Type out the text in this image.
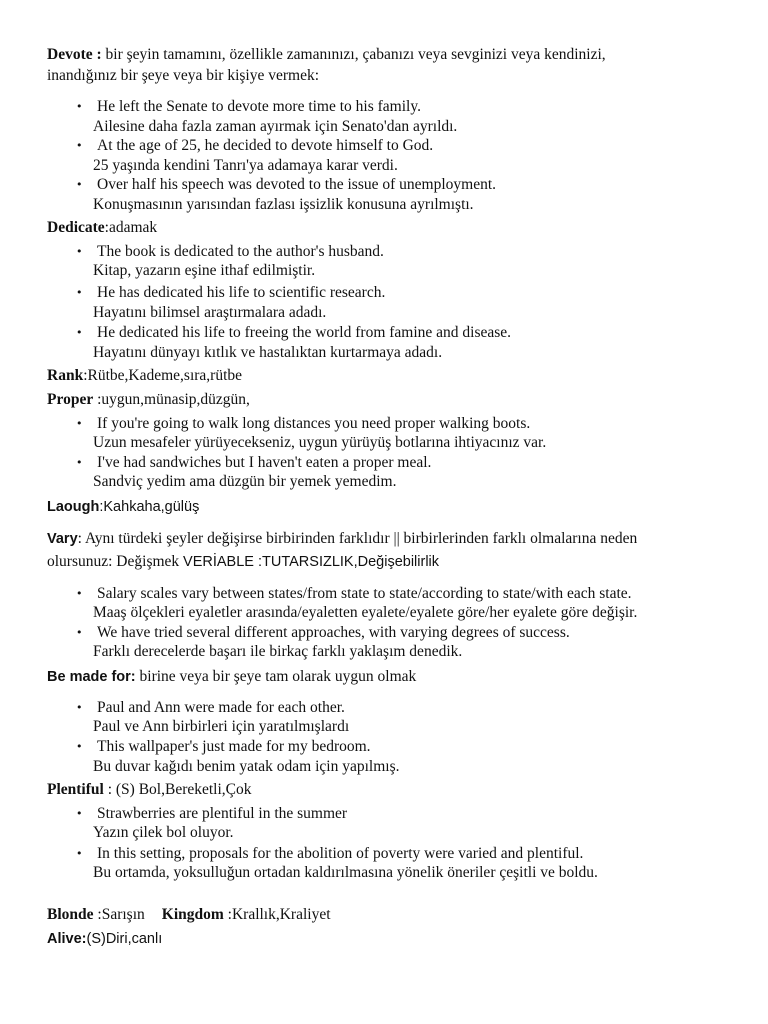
Devote : bir şeyin tamamını, özellikle zamanınızı, çabanızı veya sevginizi veya kendinizi,
inandığınız bir şeye veya bir kişiye vermek:
• He left the Senate to devote more time to his family.
Ailesine daha fazla zaman ayırmak için Senato'dan ayrıldı.
• At the age of 25, he decided to devote himself to God.
25 yaşında kendini Tanrı'ya adamaya karar verdi.
• Over half his speech was devoted to the issue of unemployment.
Konuşmasının yarısından fazlası işsizlik konusuna ayrılmıştı.
Dedicate:adamak
• The book is dedicated to the author's husband.
Kitap, yazarın eşine ithaf edilmiştir.
• He has dedicated his life to scientific research.
Hayatını bilimsel araştırmalara adadı.
• He dedicated his life to freeing the world from famine and disease.
Hayatını dünyayı kıtlık ve hastalıktan kurtarmaya adadı.
Rank:Rütbe,Kademe,sıra,rütbe
Proper :uygun,münasip,düzgün,
• If you're going to walk long distances you need proper walking boots.
Uzun mesafeler yürüyecekseniz, uygun yürüyüş botlarına ihtiyacınız var.
• I've had sandwiches but I haven't eaten a proper meal.
Sandviç yedim ama düzgün bir yemek yemedim.
Laough:Kahkaha,gülüş
Vary: Aynı türdeki şeyler değişirse birbirinden farklıdır || birbirlerinden farklı olmalarına neden
olursunuz: Değişmek VERİABLE :TUTARSIZLIK,Değişebilirlik
• Salary scales vary between states/from state to state/according to state/with each state.
Maaş ölçekleri eyaletler arasında/eyaletten eyalete/eyalete göre/her eyalete göre değişir.
• We have tried several different approaches, with varying degrees of success.
Farklı derecelerde başarı ile birkaç farklı yaklaşım denedik.
Be made for: birine veya bir şeye tam olarak uygun olmak
• Paul and Ann were made for each other.
Paul ve Ann birbirleri için yaratılmışlardı
• This wallpaper's just made for my bedroom.
Bu duvar kağıdı benim yatak odam için yapılmış.
Plentiful : (S) Bol,Bereketli,Çok
• Strawberries are plentiful in the summer
Yazın çilek bol oluyor.
• In this setting, proposals for the abolition of poverty were varied and plentiful.
Bu ortamda, yoksulluğun ortadan kaldırılmasına yönelik öneriler çeşitli ve boldu.
Blonde :Sarışın Kingdom :Krallık,Kraliyet
Alive:(S)Diri,canlı
